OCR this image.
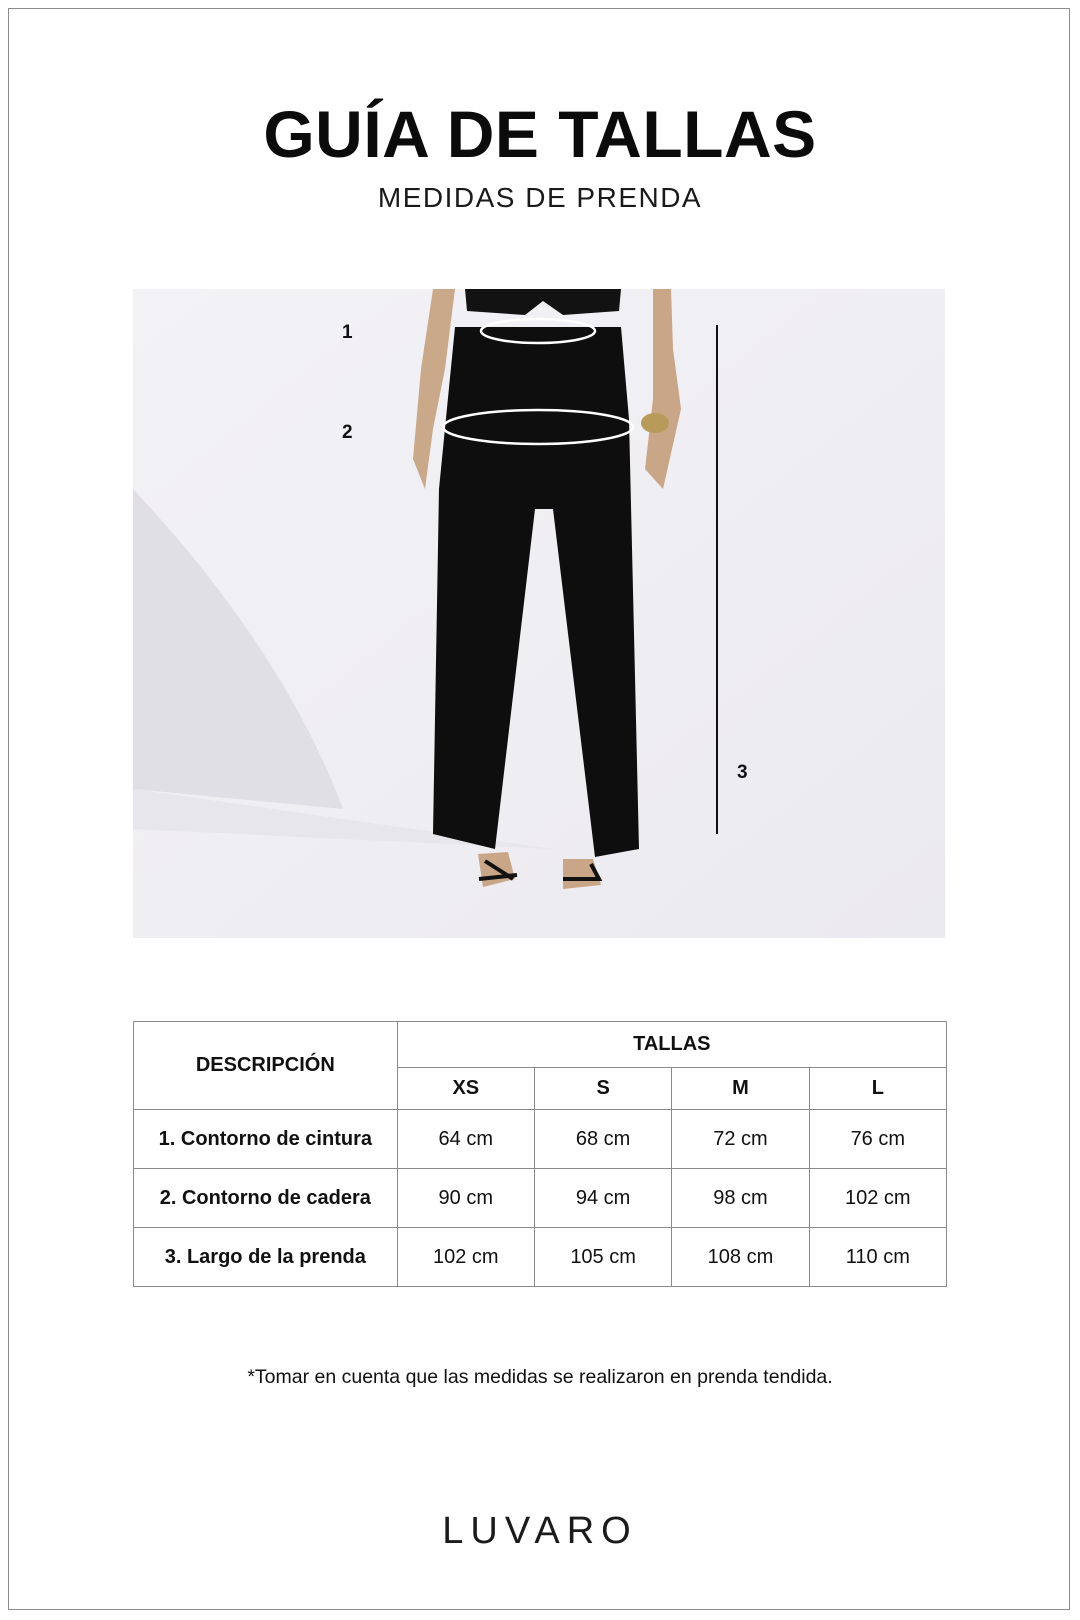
GUÍA DE TALLAS
MEDIDAS DE PRENDA
1
2
3
DESCRIPCIÓN	TALLAS			
	XS	S	M	L
1. Contorno de cintura	64 cm	68 cm	72 cm	76 cm
2. Contorno de cadera	90 cm	94 cm	98 cm	102 cm
3. Largo de la prenda	102 cm	105 cm	108 cm	110 cm
*Tomar en cuenta que las medidas se realizaron en prenda tendida.
LUVARO
